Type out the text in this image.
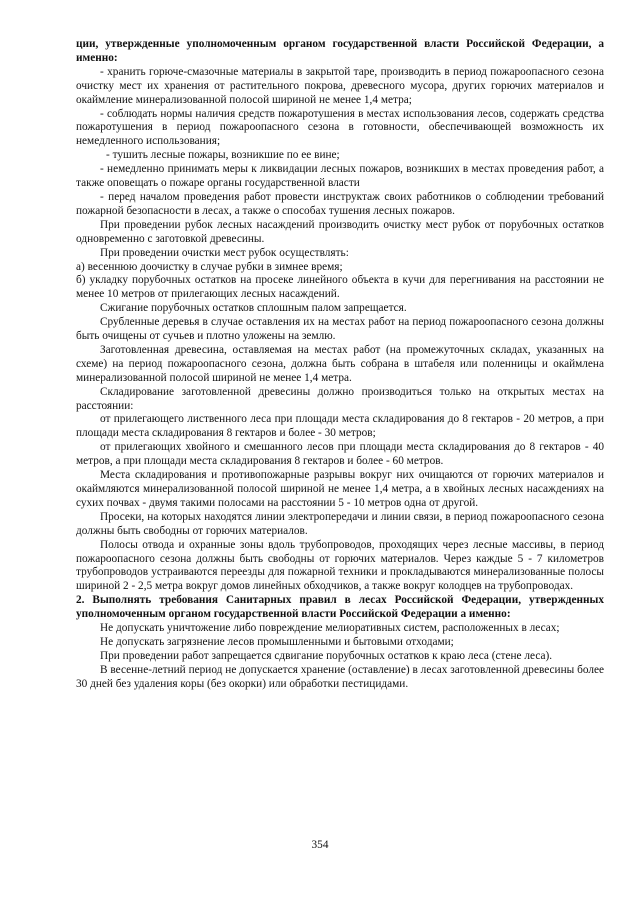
ции, утвержденные уполномоченным органом государственной власти Российской Федерации, а именно:

- хранить горюче-смазочные материалы в закрытой таре, производить в период пожароопасного сезона очистку мест их хранения от растительного покрова, древесного мусора, других горючих материалов и окаймление минерализованной полосой шириной не менее 1,4 метра;

- соблюдать нормы наличия средств пожаротушения в местах использования лесов, содержать средства пожаротушения в период пожароопасного сезона в готовности, обеспечивающей возможность их немедленного использования;

- тушить лесные пожары, возникшие по ее вине;

- немедленно принимать меры к ликвидации лесных пожаров, возникших в местах проведения работ, а также оповещать о пожаре органы государственной власти

- перед началом проведения работ провести инструктаж своих работников о соблюдении требований пожарной безопасности в лесах, а также о способах тушения лесных пожаров.

При проведении рубок лесных насаждений производить очистку мест рубок от порубочных остатков одновременно с заготовкой древесины.

При проведении очистки мест рубок осуществлять:

а) весеннюю доочистку в случае рубки в зимнее время;

б) укладку порубочных остатков на просеке линейного объекта в кучи для перегнивания на расстоянии не менее 10 метров от прилегающих лесных насаждений.

Сжигание порубочных остатков сплошным палом запрещается.

Срубленные деревья в случае оставления их на местах работ на период пожароопасного сезона должны быть очищены от сучьев и плотно уложены на землю.

Заготовленная древесина, оставляемая на местах работ (на промежуточных складах, указанных на схеме) на период пожароопасного сезона, должна быть собрана в штабеля или поленницы и окаймлена минерализованной полосой шириной не менее 1,4 метра.

Складирование заготовленной древесины должно производиться только на открытых местах на расстоянии:

от прилегающего лиственного леса при площади места складирования до 8 гектаров - 20 метров, а при площади места складирования 8 гектаров и более - 30 метров;

от прилегающих хвойного и смешанного лесов при площади места складирования до 8 гектаров - 40 метров, а при площади места складирования 8 гектаров и более - 60 метров.

Места складирования и противопожарные разрывы вокруг них очищаются от горючих материалов и окаймляются минерализованной полосой шириной не менее 1,4 метра, а в хвойных лесных насаждениях на сухих почвах - двумя такими полосами на расстоянии 5 - 10 метров одна от другой.

Просеки, на которых находятся линии электропередачи и линии связи, в период пожароопасного сезона должны быть свободны от горючих материалов.

Полосы отвода и охранные зоны вдоль трубопроводов, проходящих через лесные массивы, в период пожароопасного сезона должны быть свободны от горючих материалов. Через каждые 5 - 7 километров трубопроводов устраиваются переезды для пожарной техники и прокладываются минерализованные полосы шириной 2 - 2,5 метра вокруг домов линейных обходчиков, а также вокруг колодцев на трубопроводах.

2. Выполнять требования Санитарных правил в лесах Российской Федерации, утвержденных уполномоченным органом государственной власти Российской Федерации а именно:

Не допускать уничтожение либо повреждение мелиоративных систем, расположенных в лесах;

Не допускать загрязнение лесов промышленными и бытовыми отходами;

При проведении работ запрещается сдвигание порубочных остатков к краю леса (стене леса).

В весенне-летний период не допускается хранение (оставление) в лесах заготовленной древесины более 30 дней без удаления коры (без окорки) или обработки пестицидами.

354
